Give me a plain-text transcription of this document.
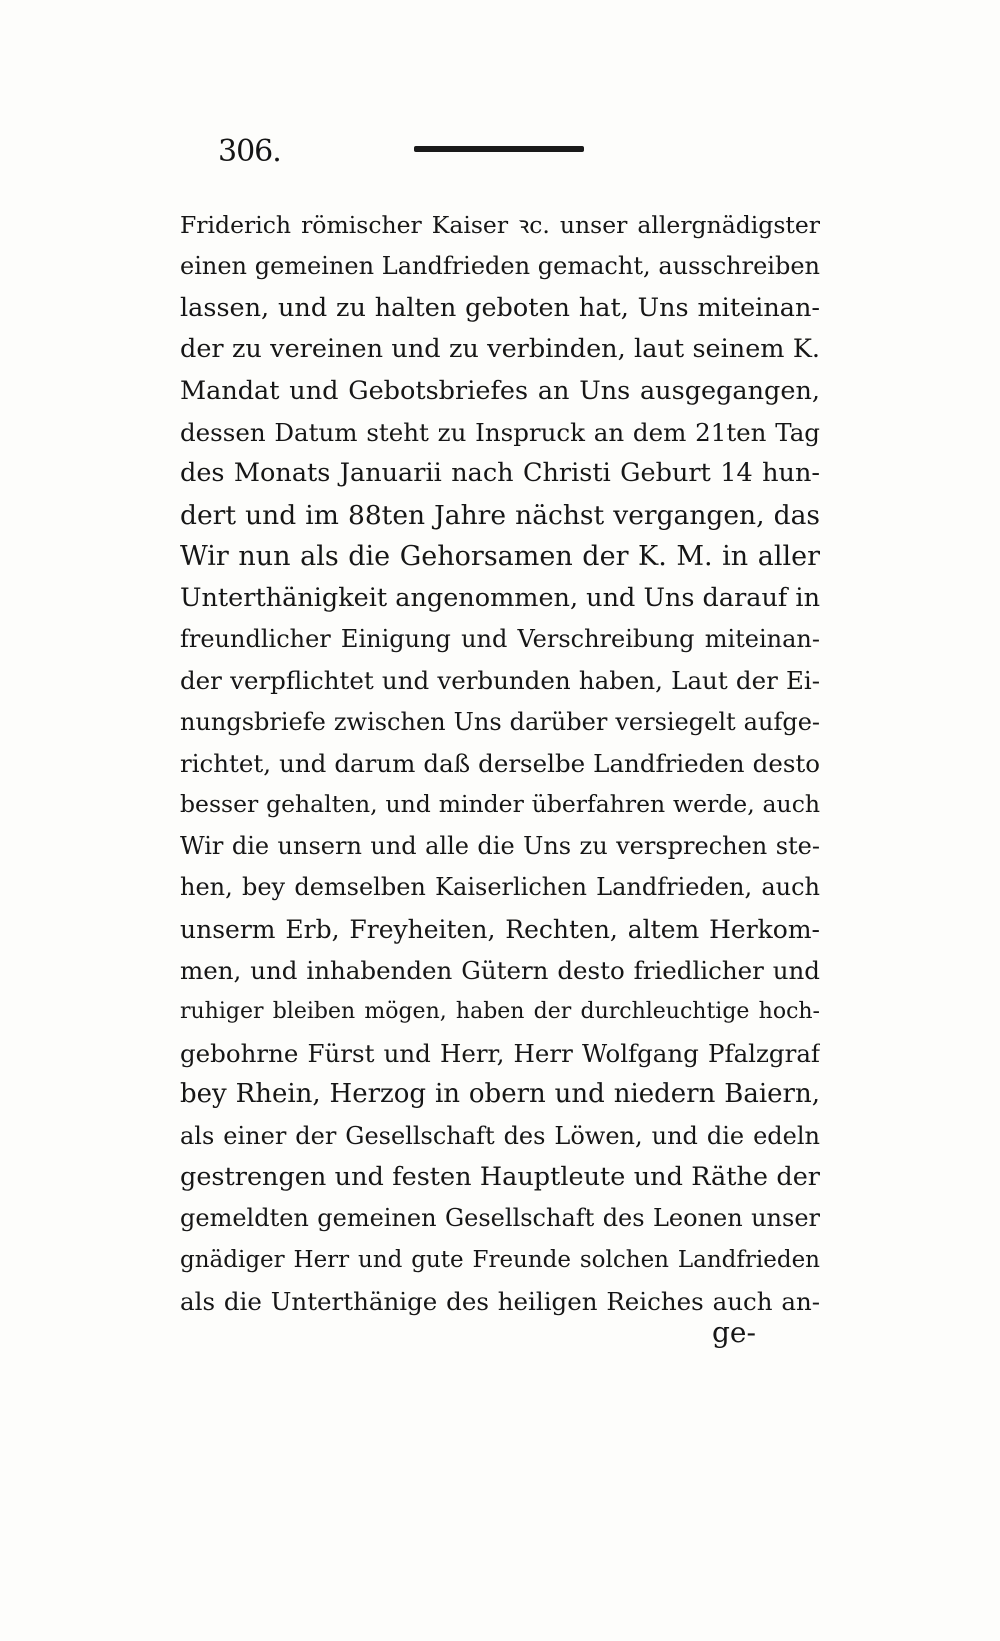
306.
Friderich römischer Kaiser ꝛc. unser allergnädigster
einen gemeinen Landfrieden gemacht, ausschreiben
lassen, und zu halten geboten hat, Uns miteinan-
der zu vereinen und zu verbinden, laut seinem K.
Mandat und Gebotsbriefes an Uns ausgegangen,
dessen Datum steht zu Inspruck an dem 21ten Tag
des Monats Januarii nach Christi Geburt 14 hun-
dert und im 88ten Jahre nächst vergangen, das
Wir nun als die Gehorsamen der K. M. in aller
Unterthänigkeit angenommen, und Uns darauf in
freundlicher Einigung und Verschreibung miteinan-
der verpflichtet und verbunden haben, Laut der Ei-
nungsbriefe zwischen Uns darüber versiegelt aufge-
richtet, und darum daß derselbe Landfrieden desto
besser gehalten, und minder überfahren werde, auch
Wir die unsern und alle die Uns zu versprechen ste-
hen, bey demselben Kaiserlichen Landfrieden, auch
unserm Erb, Freyheiten, Rechten, altem Herkom-
men, und inhabenden Gütern desto friedlicher und
ruhiger bleiben mögen, haben der durchleuchtige hoch-
gebohrne Fürst und Herr, Herr Wolfgang Pfalzgraf
bey Rhein, Herzog in obern und niedern Baiern,
als einer der Gesellschaft des Löwen, und die edeln
gestrengen und festen Hauptleute und Räthe der
gemeldten gemeinen Gesellschaft des Leonen unser
gnädiger Herr und gute Freunde solchen Landfrieden
als die Unterthänige des heiligen Reiches auch an-
ge-
